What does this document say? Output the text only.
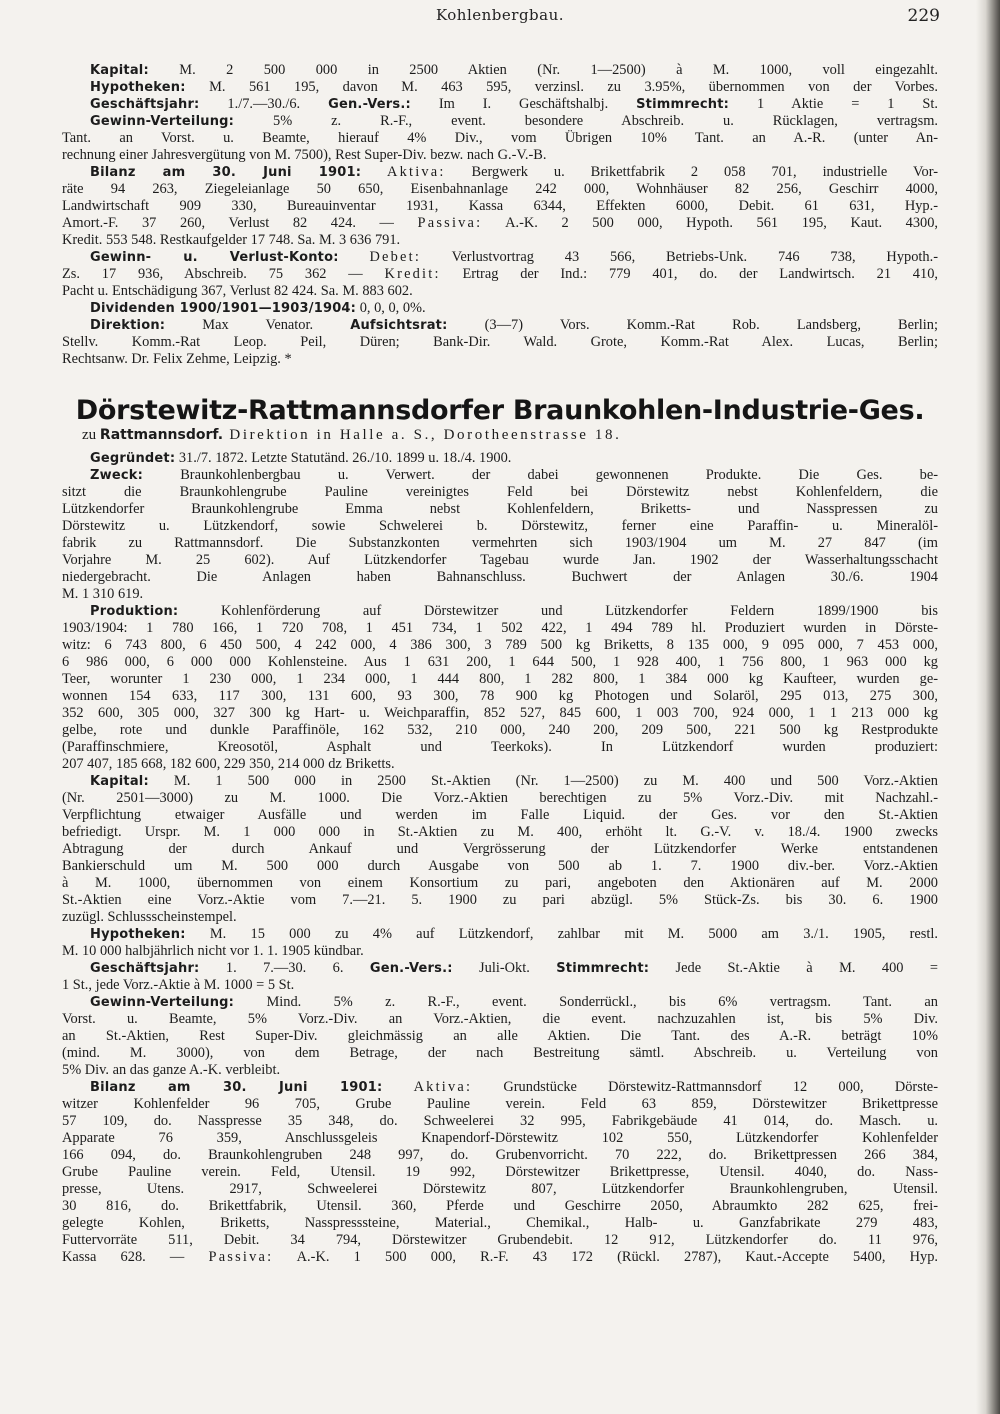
Kohlenbergbau.	229
Kapital: M. 2 500 000 in 2500 Aktien (Nr. 1—2500) à M. 1000, voll eingezahlt.
Hypotheken: M. 561 195, davon M. 463 595, verzinsl. zu 3.95%, übernommen von der Vorbes.
Geschäftsjahr: 1./7.—30./6. Gen.-Vers.: Im I. Geschäftshalbj. Stimmrecht: 1 Aktie = 1 St.
Gewinn-Verteilung: 5% z. R.-F., event. besondere Abschreib. u. Rücklagen, vertragsm.
Tant. an Vorst. u. Beamte, hierauf 4% Div., vom Übrigen 10% Tant. an A.-R. (unter An-
rechnung einer Jahresvergütung von M. 7500), Rest Super-Div. bezw. nach G.-V.-B.
Bilanz am 30. Juni 1901: Aktiva: Bergwerk u. Brikettfabrik 2 058 701, industrielle Vor-
räte 94 263, Ziegeleianlage 50 650, Eisenbahnanlage 242 000, Wohnhäuser 82 256, Geschirr 4000,
Landwirtschaft 909 330, Bureauinventar 1931, Kassa 6344, Effekten 6000, Debit. 61 631, Hyp.-
Amort.-F. 37 260, Verlust 82 424. — Passiva: A.-K. 2 500 000, Hypoth. 561 195, Kaut. 4300,
Kredit. 553 548. Restkaufgelder 17 748. Sa. M. 3 636 791.
Gewinn- u. Verlust-Konto: Debet: Verlustvortrag 43 566, Betriebs-Unk. 746 738, Hypoth.-
Zs. 17 936, Abschreib. 75 362 — Kredit: Ertrag der Ind.: 779 401, do. der Landwirtsch. 21 410,
Pacht u. Entschädigung 367, Verlust 82 424. Sa. M. 883 602.
Dividenden 1900/1901—1903/1904: 0, 0, 0, 0%.
Direktion: Max Venator. Aufsichtsrat: (3—7) Vors. Komm.-Rat Rob. Landsberg, Berlin;
Stellv. Komm.-Rat Leop. Peil, Düren; Bank-Dir. Wald. Grote, Komm.-Rat Alex. Lucas, Berlin;
Rechtsanw. Dr. Felix Zehme, Leipzig. *
Dörstewitz-Rattmannsdorfer Braunkohlen-Industrie-Ges.
zu Rattmannsdorf. Direktion in Halle a. S., Dorotheenstrasse 18.
Gegründet: 31./7. 1872. Letzte Statutänd. 26./10. 1899 u. 18./4. 1900.
Zweck: Braunkohlenbergbau u. Verwert. der dabei gewonnenen Produkte. Die Ges. be-
sitzt die Braunkohlengrube Pauline vereinigtes Feld bei Dörstewitz nebst Kohlenfeldern, die
Lützkendorfer Braunkohlengrube Emma nebst Kohlenfeldern, Briketts- und Nasspressen zu
Dörstewitz u. Lützkendorf, sowie Schwelerei b. Dörstewitz, ferner eine Paraffin- u. Mineralöl-
fabrik zu Rattmannsdorf. Die Substanzkonten vermehrten sich 1903/1904 um M. 27 847 (im
Vorjahre M. 25 602). Auf Lützkendorfer Tagebau wurde Jan. 1902 der Wasserhaltungsschacht
niedergebracht. Die Anlagen haben Bahnanschluss. Buchwert der Anlagen 30./6. 1904
M. 1 310 619.
Produktion: Kohlenförderung auf Dörstewitzer und Lützkendorfer Feldern 1899/1900 bis
1903/1904: 1 780 166, 1 720 708, 1 451 734, 1 502 422, 1 494 789 hl. Produziert wurden in Dörste-
witz: 6 743 800, 6 450 500, 4 242 000, 4 386 300, 3 789 500 kg Briketts, 8 135 000, 9 095 000, 7 453 000,
6 986 000, 6 000 000 Kohlensteine. Aus 1 631 200, 1 644 500, 1 928 400, 1 756 800, 1 963 000 kg
Teer, worunter 1 230 000, 1 234 000, 1 444 800, 1 282 800, 1 384 000 kg Kaufteer, wurden ge-
wonnen 154 633, 117 300, 131 600, 93 300, 78 900 kg Photogen und Solaröl, 295 013, 275 300,
352 600, 305 000, 327 300 kg Hart- u. Weichparaffin, 852 527, 845 600, 1 003 700, 924 000, 1 1 213 000 kg
gelbe, rote und dunkle Paraffinöle, 162 532, 210 000, 240 200, 209 500, 221 500 kg Restprodukte
(Paraffinschmiere, Kreosotöl, Asphalt und Teerkoks). In Lützkendorf wurden produziert:
207 407, 185 668, 182 600, 229 350, 214 000 dz Briketts.
Kapital: M. 1 500 000 in 2500 St.-Aktien (Nr. 1—2500) zu M. 400 und 500 Vorz.-Aktien
(Nr. 2501—3000) zu M. 1000. Die Vorz.-Aktien berechtigen zu 5% Vorz.-Div. mit Nachzahl.-
Verpflichtung etwaiger Ausfälle und werden im Falle Liquid. der Ges. vor den St.-Aktien
befriedigt. Urspr. M. 1 000 000 in St.-Aktien zu M. 400, erhöht lt. G.-V. v. 18./4. 1900 zwecks
Abtragung der durch Ankauf und Vergrösserung der Lützkendorfer Werke entstandenen
Bankierschuld um M. 500 000 durch Ausgabe von 500 ab 1. 7. 1900 div.-ber. Vorz.-Aktien
à M. 1000, übernommen von einem Konsortium zu pari, angeboten den Aktionären auf M. 2000
St.-Aktien eine Vorz.-Aktie vom 7.—21. 5. 1900 zu pari abzügl. 5% Stück-Zs. bis 30. 6. 1900
zuzügl. Schlussscheinstempel.
Hypotheken: M. 15 000 zu 4% auf Lützkendorf, zahlbar mit M. 5000 am 3./1. 1905, restl.
M. 10 000 halbjährlich nicht vor 1. 1. 1905 kündbar.
Geschäftsjahr: 1. 7.—30. 6. Gen.-Vers.: Juli-Okt. Stimmrecht: Jede St.-Aktie à M. 400 =
1 St., jede Vorz.-Aktie à M. 1000 = 5 St.
Gewinn-Verteilung: Mind. 5% z. R.-F., event. Sonderrückl., bis 6% vertragsm. Tant. an
Vorst. u. Beamte, 5% Vorz.-Div. an Vorz.-Aktien, die event. nachzuzahlen ist, bis 5% Div.
an St.-Aktien, Rest Super-Div. gleichmässig an alle Aktien. Die Tant. des A.-R. beträgt 10%
(mind. M. 3000), von dem Betrage, der nach Bestreitung sämtl. Abschreib. u. Verteilung von
5% Div. an das ganze A.-K. verbleibt.
Bilanz am 30. Juni 1901: Aktiva: Grundstücke Dörstewitz-Rattmannsdorf 12 000, Dörste-
witzer Kohlenfelder 96 705, Grube Pauline verein. Feld 63 859, Dörstewitzer Brikettpresse
57 109, do. Nasspresse 35 348, do. Schweelerei 32 995, Fabrikgebäude 41 014, do. Masch. u.
Apparate 76 359, Anschlussgeleis Knapendorf-Dörstewitz 102 550, Lützkendorfer Kohlenfelder
166 094, do. Braunkohlengruben 248 997, do. Grubenvorricht. 70 222, do. Brikettpressen 266 384,
Grube Pauline verein. Feld, Utensil. 19 992, Dörstewitzer Brikettpresse, Utensil. 4040, do. Nass-
presse, Utens. 2917, Schweelerei Dörstewitz 807, Lützkendorfer Braunkohlengruben, Utensil.
30 816, do. Brikettfabrik, Utensil. 360, Pferde und Geschirre 2050, Abraumkto 282 625, frei-
gelegte Kohlen, Briketts, Nasspresssteine, Material., Chemikal., Halb- u. Ganzfabrikate 279 483,
Futtervorräte 511, Debit. 34 794, Dörstewitzer Grubendebit. 12 912, Lützkendorfer do. 11 976,
Kassa 628. — Passiva: A.-K. 1 500 000, R.-F. 43 172 (Rückl. 2787), Kaut.-Accepte 5400, Hyp.
